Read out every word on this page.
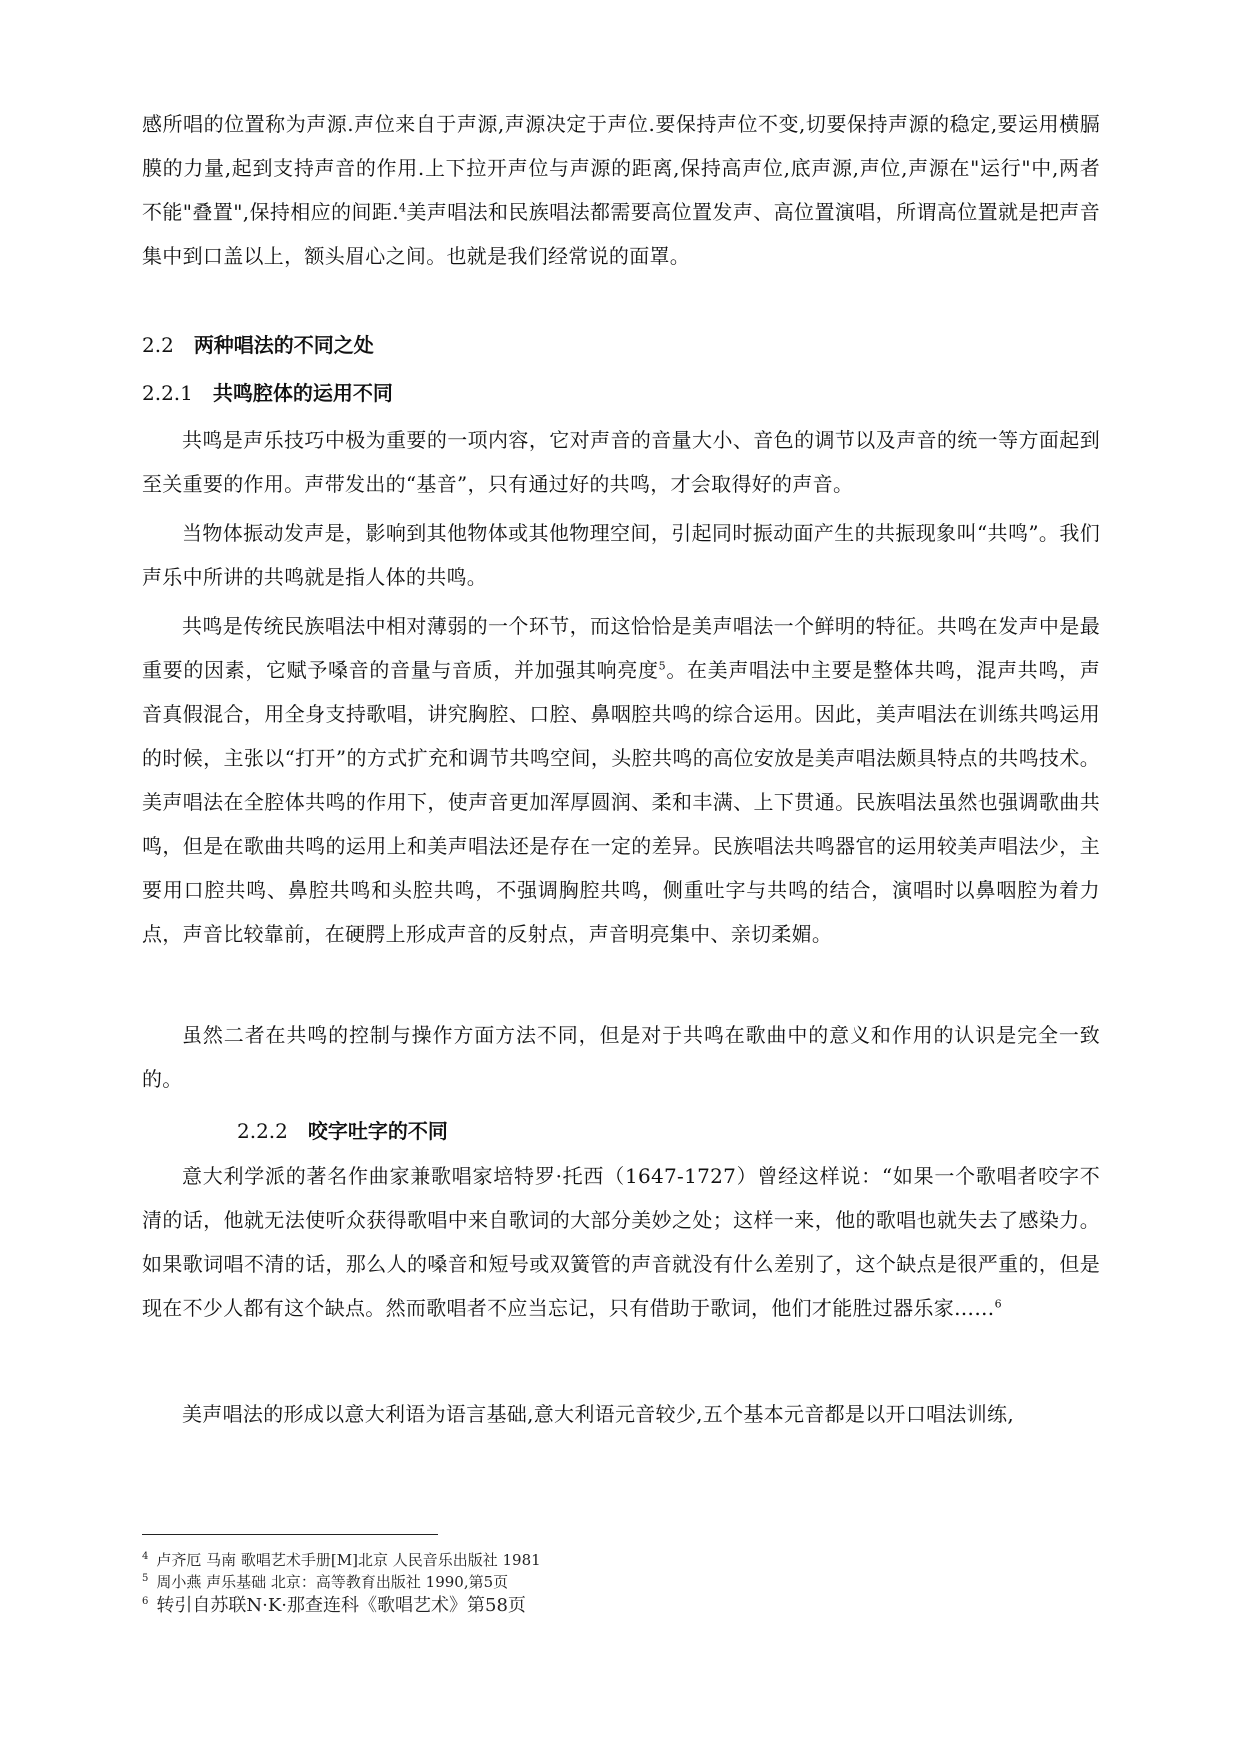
感所唱的位置称为声源.声位来自于声源,声源决定于声位.要保持声位不变,切要保持声源的稳定,要运用横膈膜的力量,起到支持声音的作用.上下拉开声位与声源的距离,保持高声位,底声源,声位,声源在"运行"中,两者不能"叠置",保持相应的间距.$^4$美声唱法和民族唱法都需要高位置发声、高位置演唱，所谓高位置就是把声音集中到口盖以上，额头眉心之间。也就是我们经常说的面罩。

2.2 两种唱法的不同之处
2.2.1 共鸣腔体的运用不同

共鸣是声乐技巧中极为重要的一项内容，它对声音的音量大小、音色的调节以及声音的统一等方面起到至关重要的作用。声带发出的“基音”，只有通过好的共鸣，才会取得好的声音。

当物体振动发声是，影响到其他物体或其他物理空间，引起同时振动面产生的共振现象叫“共鸣”。我们声乐中所讲的共鸣就是指人体的共鸣。

共鸣是传统民族唱法中相对薄弱的一个环节，而这恰恰是美声唱法一个鲜明的特征。共鸣在发声中是最重要的因素，它赋予嗓音的音量与音质，并加强其响亮度$^5$。在美声唱法中主要是整体共鸣，混声共鸣，声音真假混合，用全身支持歌唱，讲究胸腔、口腔、鼻咽腔共鸣的综合运用。因此，美声唱法在训练共鸣运用的时候，主张以“打开”的方式扩充和调节共鸣空间，头腔共鸣的高位安放是美声唱法颇具特点的共鸣技术。美声唱法在全腔体共鸣的作用下，使声音更加浑厚圆润、柔和丰满、上下贯通。民族唱法虽然也强调歌曲共鸣，但是在歌曲共鸣的运用上和美声唱法还是存在一定的差异。民族唱法共鸣器官的运用较美声唱法少，主要用口腔共鸣、鼻腔共鸣和头腔共鸣，不强调胸腔共鸣，侧重吐字与共鸣的结合，演唱时以鼻咽腔为着力点，声音比较靠前，在硬腭上形成声音的反射点，声音明亮集中、亲切柔媚。

虽然二者在共鸣的控制与操作方面方法不同，但是对于共鸣在歌曲中的意义和作用的认识是完全一致的。

2.2.2 咬字吐字的不同

意大利学派的著名作曲家兼歌唱家培特罗·托西（1647-1727）曾经这样说：“如果一个歌唱者咬字不清的话，他就无法使听众获得歌唱中来自歌词的大部分美妙之处；这样一来，他的歌唱也就失去了感染力。如果歌词唱不清的话，那么人的嗓音和短号或双簧管的声音就没有什么差别了，这个缺点是很严重的，但是现在不少人都有这个缺点。然而歌唱者不应当忘记，只有借助于歌词，他们才能胜过器乐家……$^6$

美声唱法的形成以意大利语为语言基础,意大利语元音较少,五个基本元音都是以开口唱法训练,

$^4$ 卢齐厄 马南 歌唱艺术手册[M]北京 人民音乐出版社 1981

$^5$ 周小燕 声乐基础 北京：高等教育出版社 1990,第5页

$^6$ 转引自苏联N·K·那查连科《歌唱艺术》第58页
